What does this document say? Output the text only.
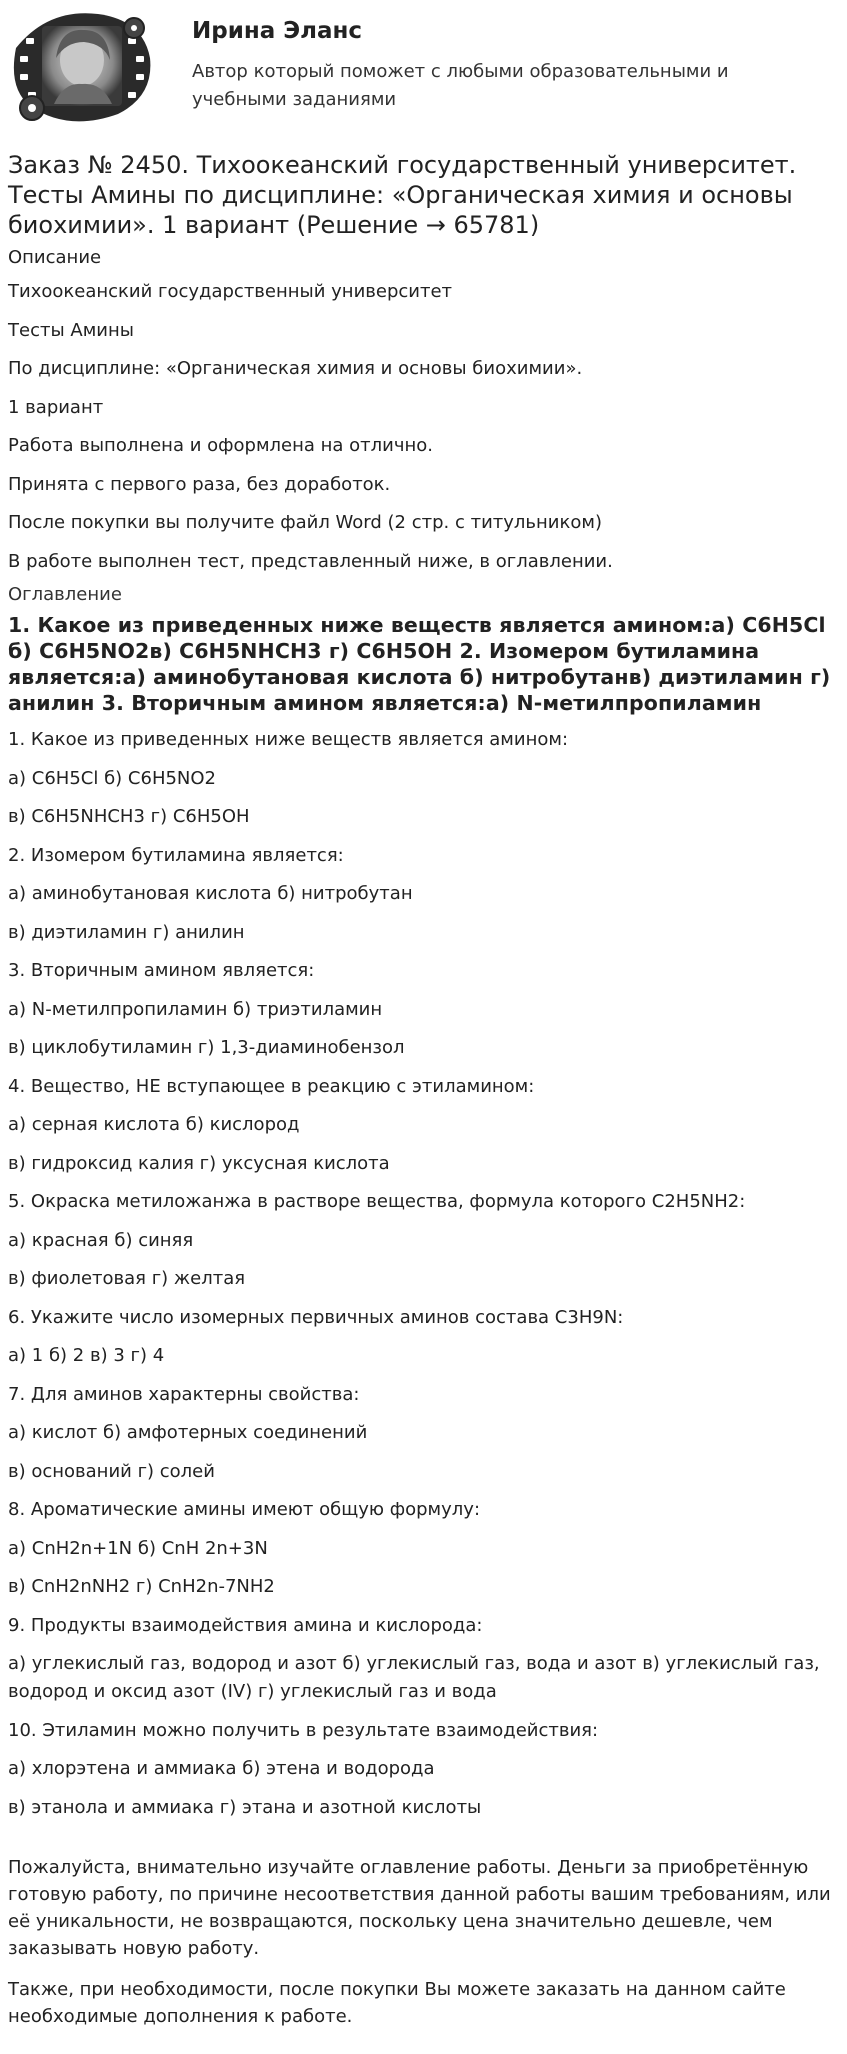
Ирина Эланс

Автор который поможет с любыми образовательными и учебными заданиями

Заказ № 2450. Тихоокеанский государственный университет. Тесты Амины по дисциплине: «Органическая химия и основы биохимии». 1 вариант (Решение → 65781)

Описание

Тихоокеанский государственный университет

Тесты Амины

По дисциплине: «Органическая химия и основы биохимии».

1 вариант

Работа выполнена и оформлена на отлично.

Принята с первого раза, без доработок.

После покупки вы получите файл Word (2 стр. с титульником)

В работе выполнен тест, представленный ниже, в оглавлении.

Оглавление

1. Какое из приведенных ниже веществ является амином:а) С6Н5Сl б) С6Н5NО2в) С6Н5NНСН3 г) С6Н5ОН 2. Изомером бутиламина является:а) аминобутановая кислота б) нитробутанв) диэтиламин г) анилин 3. Вторичным амином является:а) N-метилпропиламин

1. Какое из приведенных ниже веществ является амином:

а) С6Н5Сl б) С6Н5NО2

в) С6Н5NНСН3 г) С6Н5ОН

2. Изомером бутиламина является:

а) аминобутановая кислота б) нитробутан

в) диэтиламин г) анилин

3. Вторичным амином является:

а) N-метилпропиламин б) триэтиламин

в) циклобутиламин г) 1,3-диаминобензол

4. Вещество, НЕ вступающее в реакцию с этиламином:

а) серная кислота б) кислород

в) гидроксид калия г) уксусная кислота

5. Окраска метиложанжа в растворе вещества, формула которого С2Н5NН2:

а) красная б) синяя

в) фиолетовая г) желтая

6. Укажите число изомерных первичных аминов состава С3Н9N:

а) 1 б) 2 в) 3 г) 4

7. Для аминов характерны свойства:

а) кислот б) амфотерных соединений

в) оснований г) солей

8. Ароматические амины имеют общую формулу:

а) СnН2n+1N б) СnН 2n+3N

в) СnН2nNН2 г) СnН2n-7NН2

9. Продукты взаимодействия амина и кислорода:

а) углекислый газ, водород и азот б) углекислый газ, вода и азот в) углекислый газ, водород и оксид азот (IV) г) углекислый газ и вода

10. Этиламин можно получить в результате взаимодействия:

а) хлорэтена и аммиака б) этена и водорода

в) этанола и аммиака г) этана и азотной кислоты

Пожалуйста, внимательно изучайте оглавление работы. Деньги за приобретённую готовую работу, по причине несоответствия данной работы вашим требованиям, или её уникальности, не возвращаются, поскольку цена значительно дешевле, чем заказывать новую работу.

Также, при необходимости, после покупки Вы можете заказать на данном сайте необходимые дополнения к работе.
